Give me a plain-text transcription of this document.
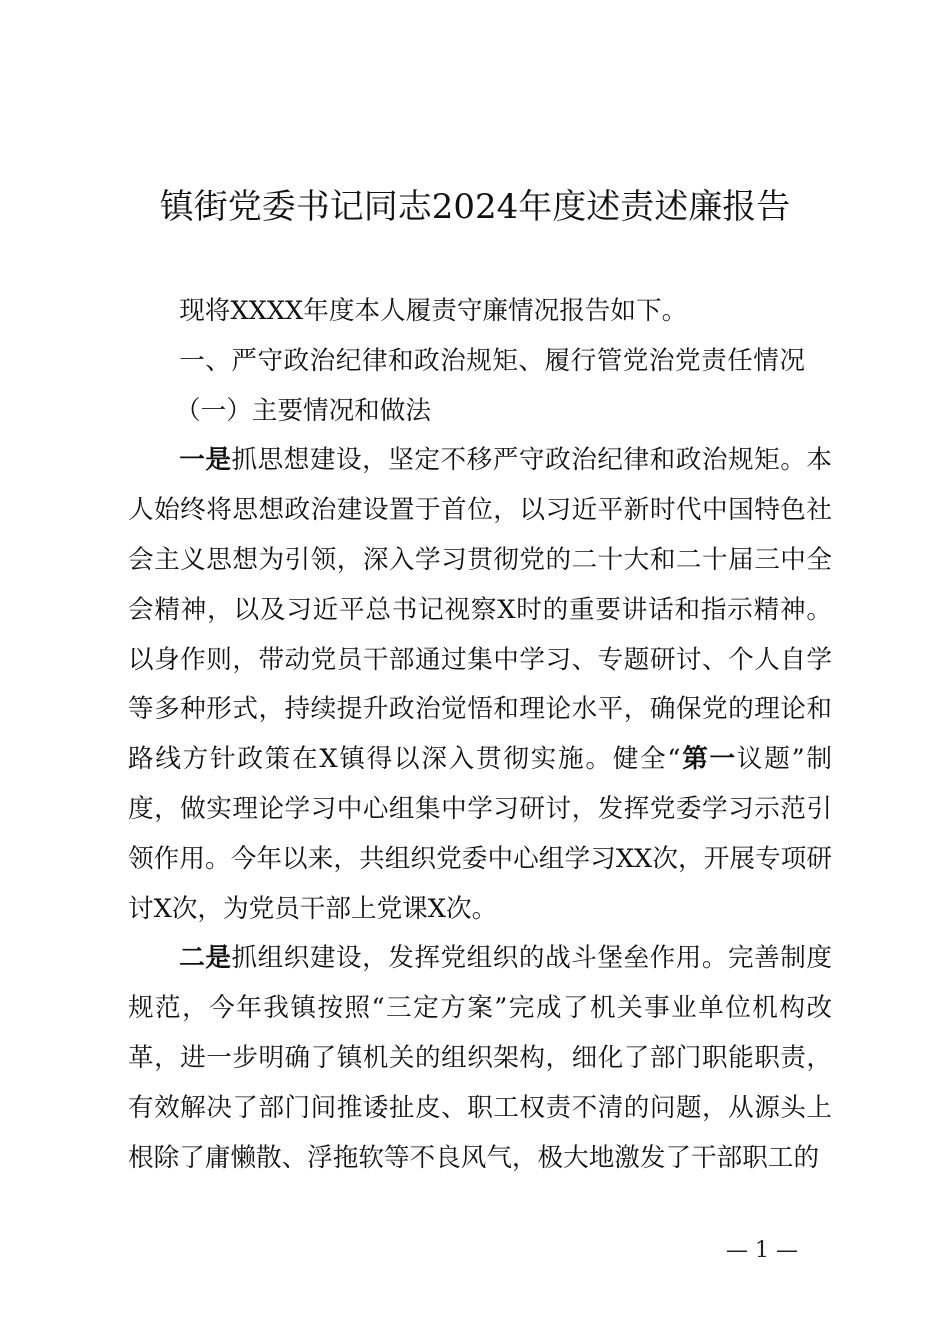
镇街党委书记同志2024年度述责述廉报告

现将XXXX年度本人履责守廉情况报告如下。

一、严守政治纪律和政治规矩、履行管党治党责任情况

（一）主要情况和做法

一是抓思想建设，坚定不移严守政治纪律和政治规矩。本人始终将思想政治建设置于首位，以习近平新时代中国特色社会主义思想为引领，深入学习贯彻党的二十大和二十届三中全会精神，以及习近平总书记视察X时的重要讲话和指示精神。以身作则，带动党员干部通过集中学习、专题研讨、个人自学等多种形式，持续提升政治觉悟和理论水平，确保党的理论和路线方针政策在X镇得以深入贯彻实施。健全“第一议题”制度，做实理论学习中心组集中学习研讨，发挥党委学习示范引领作用。今年以来，共组织党委中心组学习XX次，开展专项研讨X次，为党员干部上党课X次。

二是抓组织建设，发挥党组织的战斗堡垒作用。完善制度规范，今年我镇按照“三定方案”完成了机关事业单位机构改革，进一步明确了镇机关的组织架构，细化了部门职能职责，有效解决了部门间推诿扯皮、职工权责不清的问题，从源头上根除了庸懒散、浮拖软等不良风气，极大地激发了干部职工的

— 1 —
